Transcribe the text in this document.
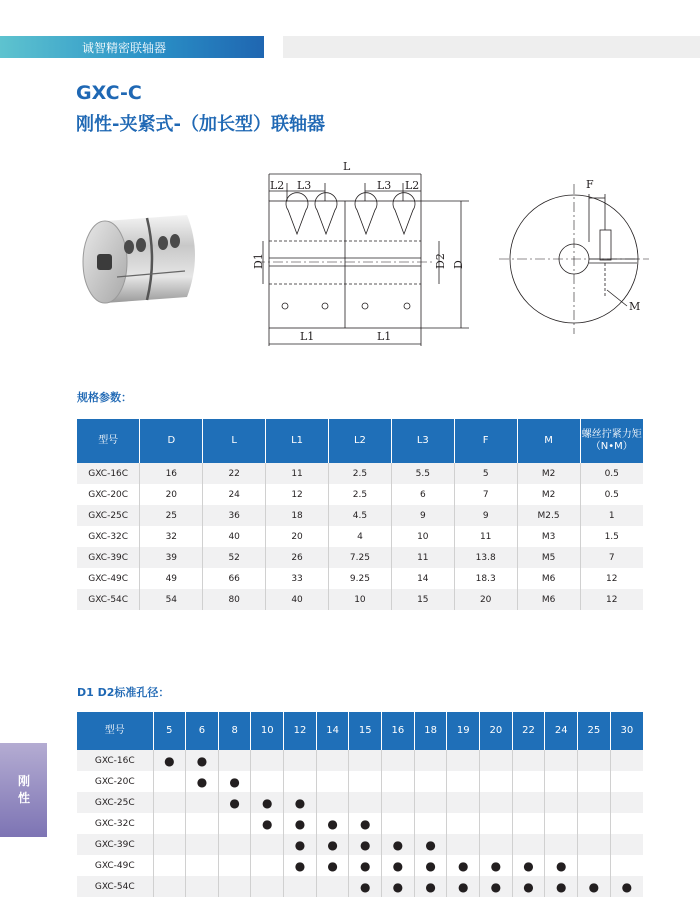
诚智精密联轴器
GXC-C
刚性-夹紧式-（加长型）联轴器
L
L2 L3	L3 L2
L1	L1
D1	D2 D
F
M
规格参数：
型号	D	L	L1	L2	L3	F	M	螺丝拧紧力矩
（N•M）
GXC-16C	16	22	11	2.5	5.5	5	M2	0.5
GXC-20C	20	24	12	2.5	6	7	M2	0.5
GXC-25C	25	36	18	4.5	9	9	M2.5	1
GXC-32C	32	40	20	4	10	11	M3	1.5
GXC-39C	39	52	26	7.25	11	13.8	M5	7
GXC-49C	49	66	33	9.25	14	18.3	M6	12
GXC-54C	54	80	40	10	15	20	M6	12
D1 D2标准孔径：
型号	5	6	8	10	12	14	15	16	18	19	20	22	24	25	30
GXC-16C	●	●													
GXC-20C		●	●												
GXC-25C			●	●	●										
GXC-32C				●	●	●	●								
GXC-39C					●	●	●	●	●						
GXC-49C					●	●	●	●	●	●	●	●	●		
GXC-54C							●	●	●	●	●	●	●	●	●
刚性
